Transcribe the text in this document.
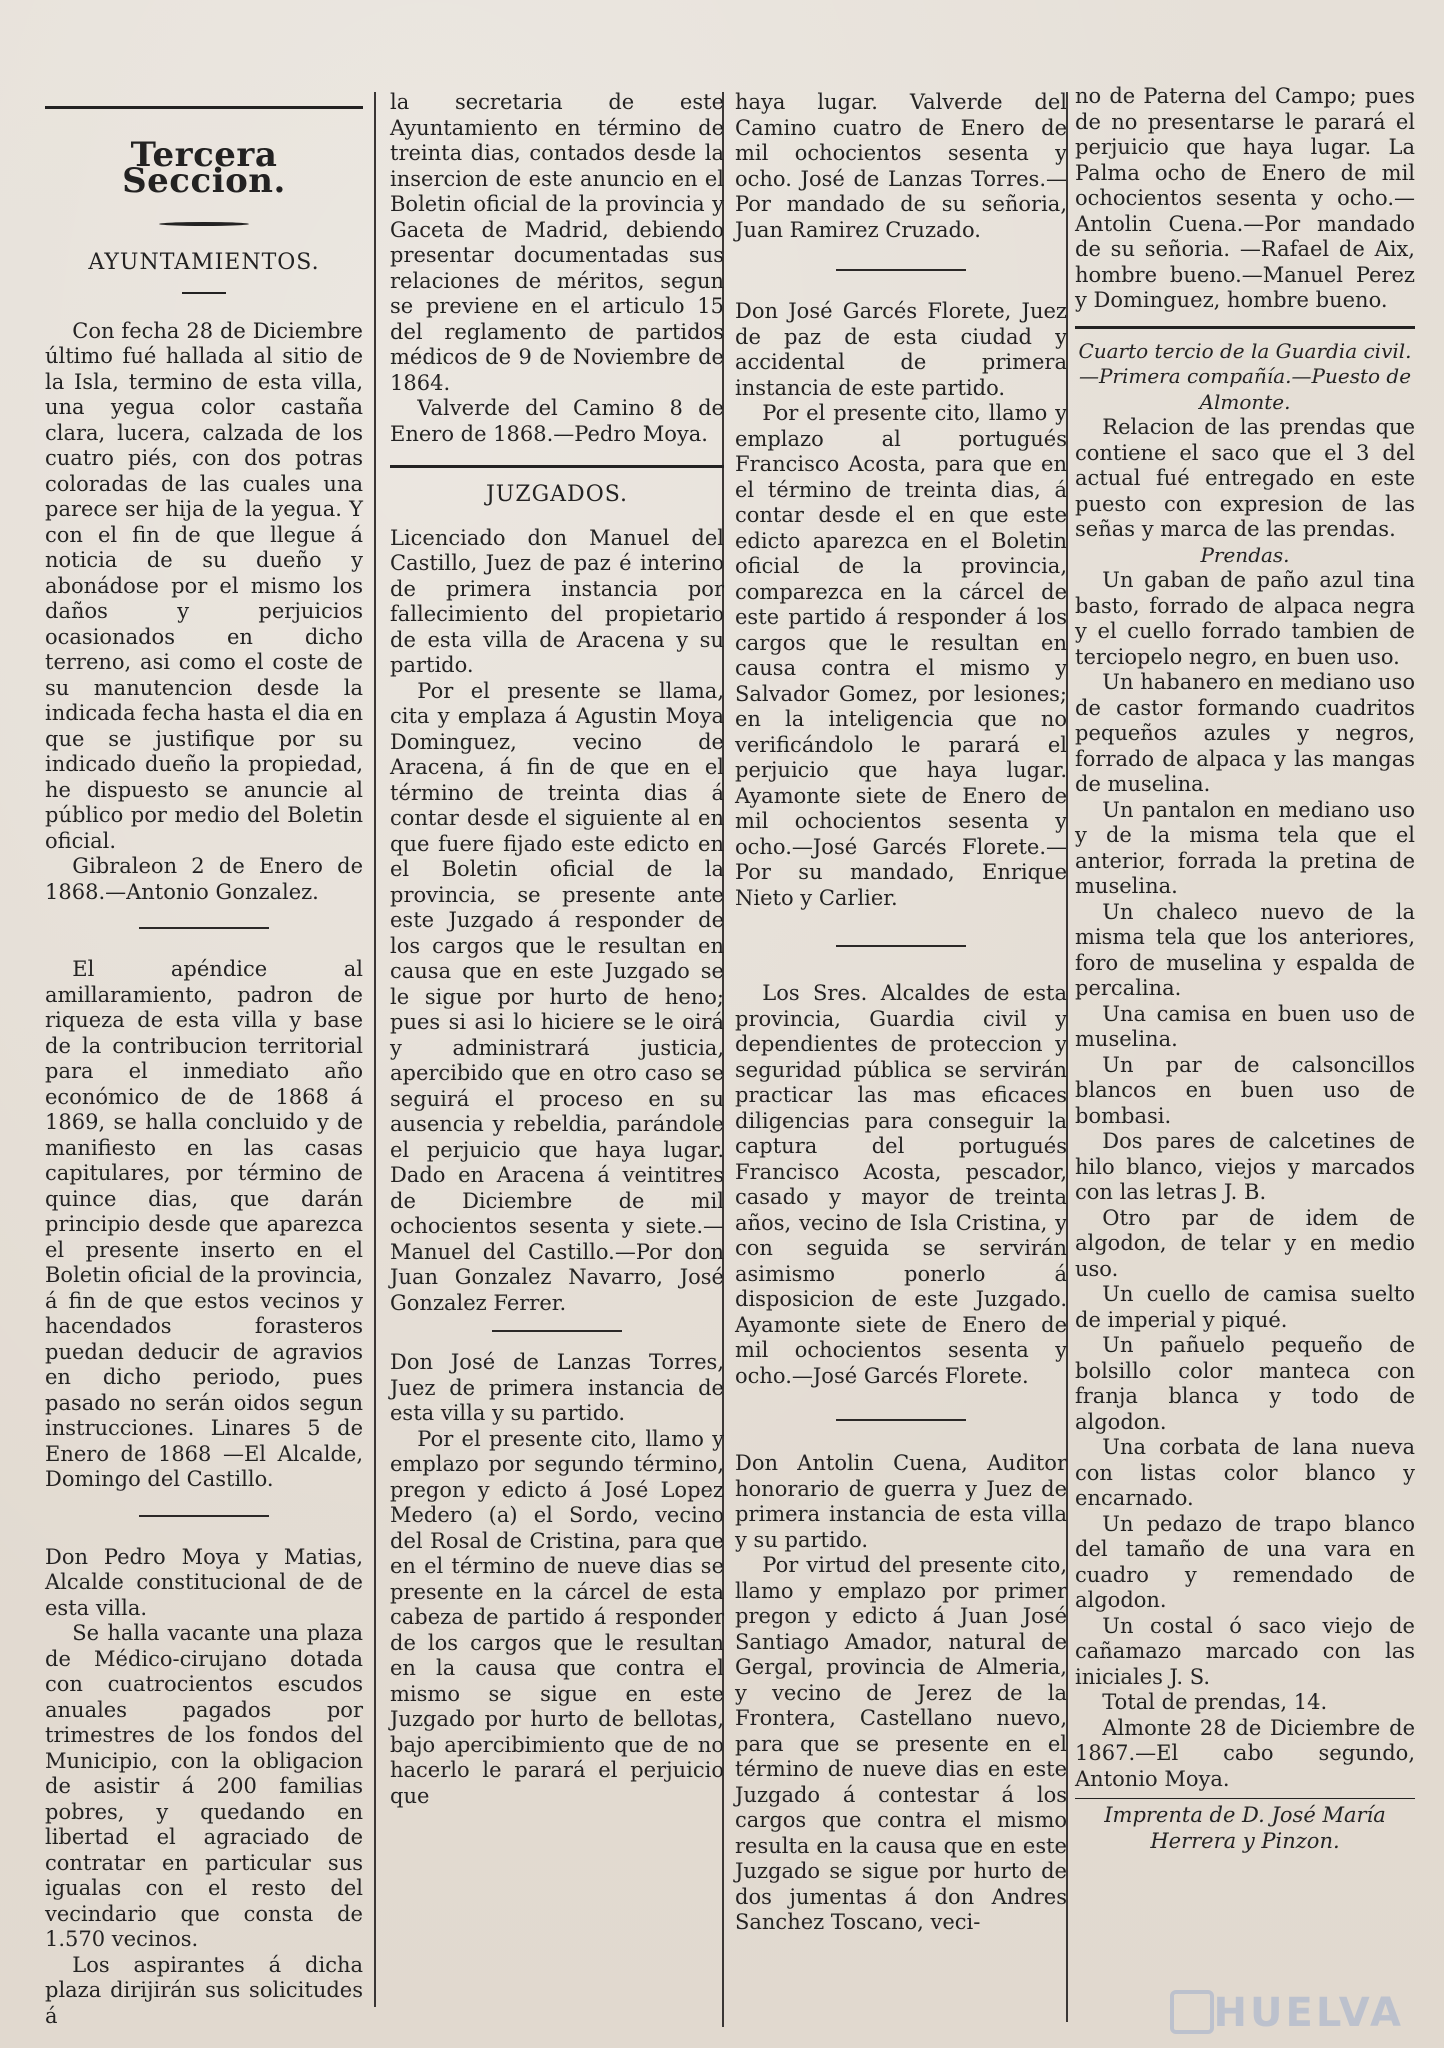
Tercera Seccion.
AYUNTAMIENTOS.

Con fecha 28 de Diciembre último fué hallada al sitio de la Isla, termino de esta villa, una yegua color castaña clara, lucera, calzada de los cuatro piés, con dos potras coloradas de las cuales una parece ser hija de la yegua. Y con el fin de que llegue á noticia de su dueño y abonádose por el mismo los daños y perjuicios ocasionados en dicho terreno, asi como el coste de su manutencion desde la indicada fecha hasta el dia en que se justifique por su indicado dueño la propiedad, he dispuesto se anuncie al público por medio del Boletin oficial.

Gibraleon 2 de Enero de 1868.—Antonio Gonzalez.

El apéndice al amillaramiento, padron de riqueza de esta villa y base de la contribucion territorial para el inmediato año económico de de 1868 á 1869, se halla concluido y de manifiesto en las casas capitulares, por término de quince dias, que darán principio desde que aparezca el presente inserto en el Boletin oficial de la provincia, á fin de que estos vecinos y hacendados forasteros puedan deducir de agravios en dicho periodo, pues pasado no serán oidos segun instrucciones. Linares 5 de Enero de 1868 —El Alcalde, Domingo del Castillo.

Don Pedro Moya y Matias, Alcalde constitucional de de esta villa.

Se halla vacante una plaza de Médico-cirujano dotada con cuatrocientos escudos anuales pagados por trimestres de los fondos del Municipio, con la obligacion de asistir á 200 familias pobres, y quedando en libertad el agraciado de contratar en particular sus igualas con el resto del vecindario que consta de 1.570 vecinos.

Los aspirantes á dicha plaza dirijirán sus solicitudes á

la secretaria de este Ayuntamiento en término de treinta dias, contados desde la insercion de este anuncio en el Boletin oficial de la provincia y Gaceta de Madrid, debiendo presentar documentadas sus relaciones de méritos, segun se previene en el articulo 15 del reglamento de partidos médicos de 9 de Noviembre de 1864.

Valverde del Camino 8 de Enero de 1868.—Pedro Moya.

JUZGADOS.

Licenciado don Manuel del Castillo, Juez de paz é interino de primera instancia por fallecimiento del propietario de esta villa de Aracena y su partido.

Por el presente se llama, cita y emplaza á Agustin Moya Dominguez, vecino de Aracena, á fin de que en el término de treinta dias á contar desde el siguiente al en que fuere fijado este edicto en el Boletin oficial de la provincia, se presente ante este Juzgado á responder de los cargos que le resultan en causa que en este Juzgado se le sigue por hurto de heno; pues si asi lo hiciere se le oirá y administrará justicia, apercibido que en otro caso se seguirá el proceso en su ausencia y rebeldia, parándole el perjuicio que haya lugar. Dado en Aracena á veintitres de Diciembre de mil ochocientos sesenta y siete.—Manuel del Castillo.—Por don Juan Gonzalez Navarro, José Gonzalez Ferrer.

Don José de Lanzas Torres, Juez de primera instancia de esta villa y su partido.

Por el presente cito, llamo y emplazo por segundo término, pregon y edicto á José Lopez Medero (a) el Sordo, vecino del Rosal de Cristina, para que en el término de nueve dias se presente en la cárcel de esta cabeza de partido á responder de los cargos que le resultan en la causa que contra el mismo se sigue en este Juzgado por hurto de bellotas, bajo apercibimiento que de no hacerlo le parará el perjuicio que

haya lugar. Valverde del Camino cuatro de Enero de mil ochocientos sesenta y ocho. José de Lanzas Torres.—Por mandado de su señoria, Juan Ramirez Cruzado.

Don José Garcés Florete, Juez de paz de esta ciudad y accidental de primera instancia de este partido.

Por el presente cito, llamo y emplazo al portugués Francisco Acosta, para que en el término de treinta dias, á contar desde el en que este edicto aparezca en el Boletin oficial de la provincia, comparezca en la cárcel de este partido á responder á los cargos que le resultan en causa contra el mismo y Salvador Gomez, por lesiones; en la inteligencia que no verificándolo le parará el perjuicio que haya lugar. Ayamonte siete de Enero de mil ochocientos sesenta y ocho.—José Garcés Florete.—Por su mandado, Enrique Nieto y Carlier.

Los Sres. Alcaldes de esta provincia, Guardia civil y dependientes de proteccion y seguridad pública se servirán practicar las mas eficaces diligencias para conseguir la captura del portugués Francisco Acosta, pescador, casado y mayor de treinta años, vecino de Isla Cristina, y con seguida se servirán asimismo ponerlo á disposicion de este Juzgado. Ayamonte siete de Enero de mil ochocientos sesenta y ocho.—José Garcés Florete.

Don Antolin Cuena, Auditor honorario de guerra y Juez de primera instancia de esta villa y su partido.

Por virtud del presente cito, llamo y emplazo por primer pregon y edicto á Juan José Santiago Amador, natural de Gergal, provincia de Almeria, y vecino de Jerez de la Frontera, Castellano nuevo, para que se presente en el término de nueve dias en este Juzgado á contestar á los cargos que contra el mismo resulta en la causa que en este Juzgado se sigue por hurto de dos jumentas á don Andres Sanchez Toscano, veci-

no de Paterna del Campo; pues de no presentarse le parará el perjuicio que haya lugar. La Palma ocho de Enero de mil ochocientos sesenta y ocho.—Antolin Cuena.—Por mandado de su señoria. —Rafael de Aix, hombre bueno.—Manuel Perez y Dominguez, hombre bueno.

Cuarto tercio de la Guardia civil. —Primera compañía.—Puesto de Almonte.

Relacion de las prendas que contiene el saco que el 3 del actual fué entregado en este puesto con expresion de las señas y marca de las prendas.

Prendas.

Un gaban de paño azul tina basto, forrado de alpaca negra y el cuello forrado tambien de terciopelo negro, en buen uso.

Un habanero en mediano uso de castor formando cuadritos pequeños azules y negros, forrado de alpaca y las mangas de muselina.

Un pantalon en mediano uso y de la misma tela que el anterior, forrada la pretina de muselina.

Un chaleco nuevo de la misma tela que los anteriores, foro de muselina y espalda de percalina.

Una camisa en buen uso de muselina.

Un par de calsoncillos blancos en buen uso de bombasi.

Dos pares de calcetines de hilo blanco, viejos y marcados con las letras J. B.

Otro par de idem de algodon, de telar y en medio uso.

Un cuello de camisa suelto de imperial y piqué.

Un pañuelo pequeño de bolsillo color manteca con franja blanca y todo de algodon.

Una corbata de lana nueva con listas color blanco y encarnado.

Un pedazo de trapo blanco del tamaño de una vara en cuadro y remendado de algodon.

Un costal ó saco viejo de cañamazo marcado con las iniciales J. S.

Total de prendas, 14.

Almonte 28 de Diciembre de 1867.—El cabo segundo, Antonio Moya.

Imprenta de D. José María Herrera y Pinzon.

HUELVA
